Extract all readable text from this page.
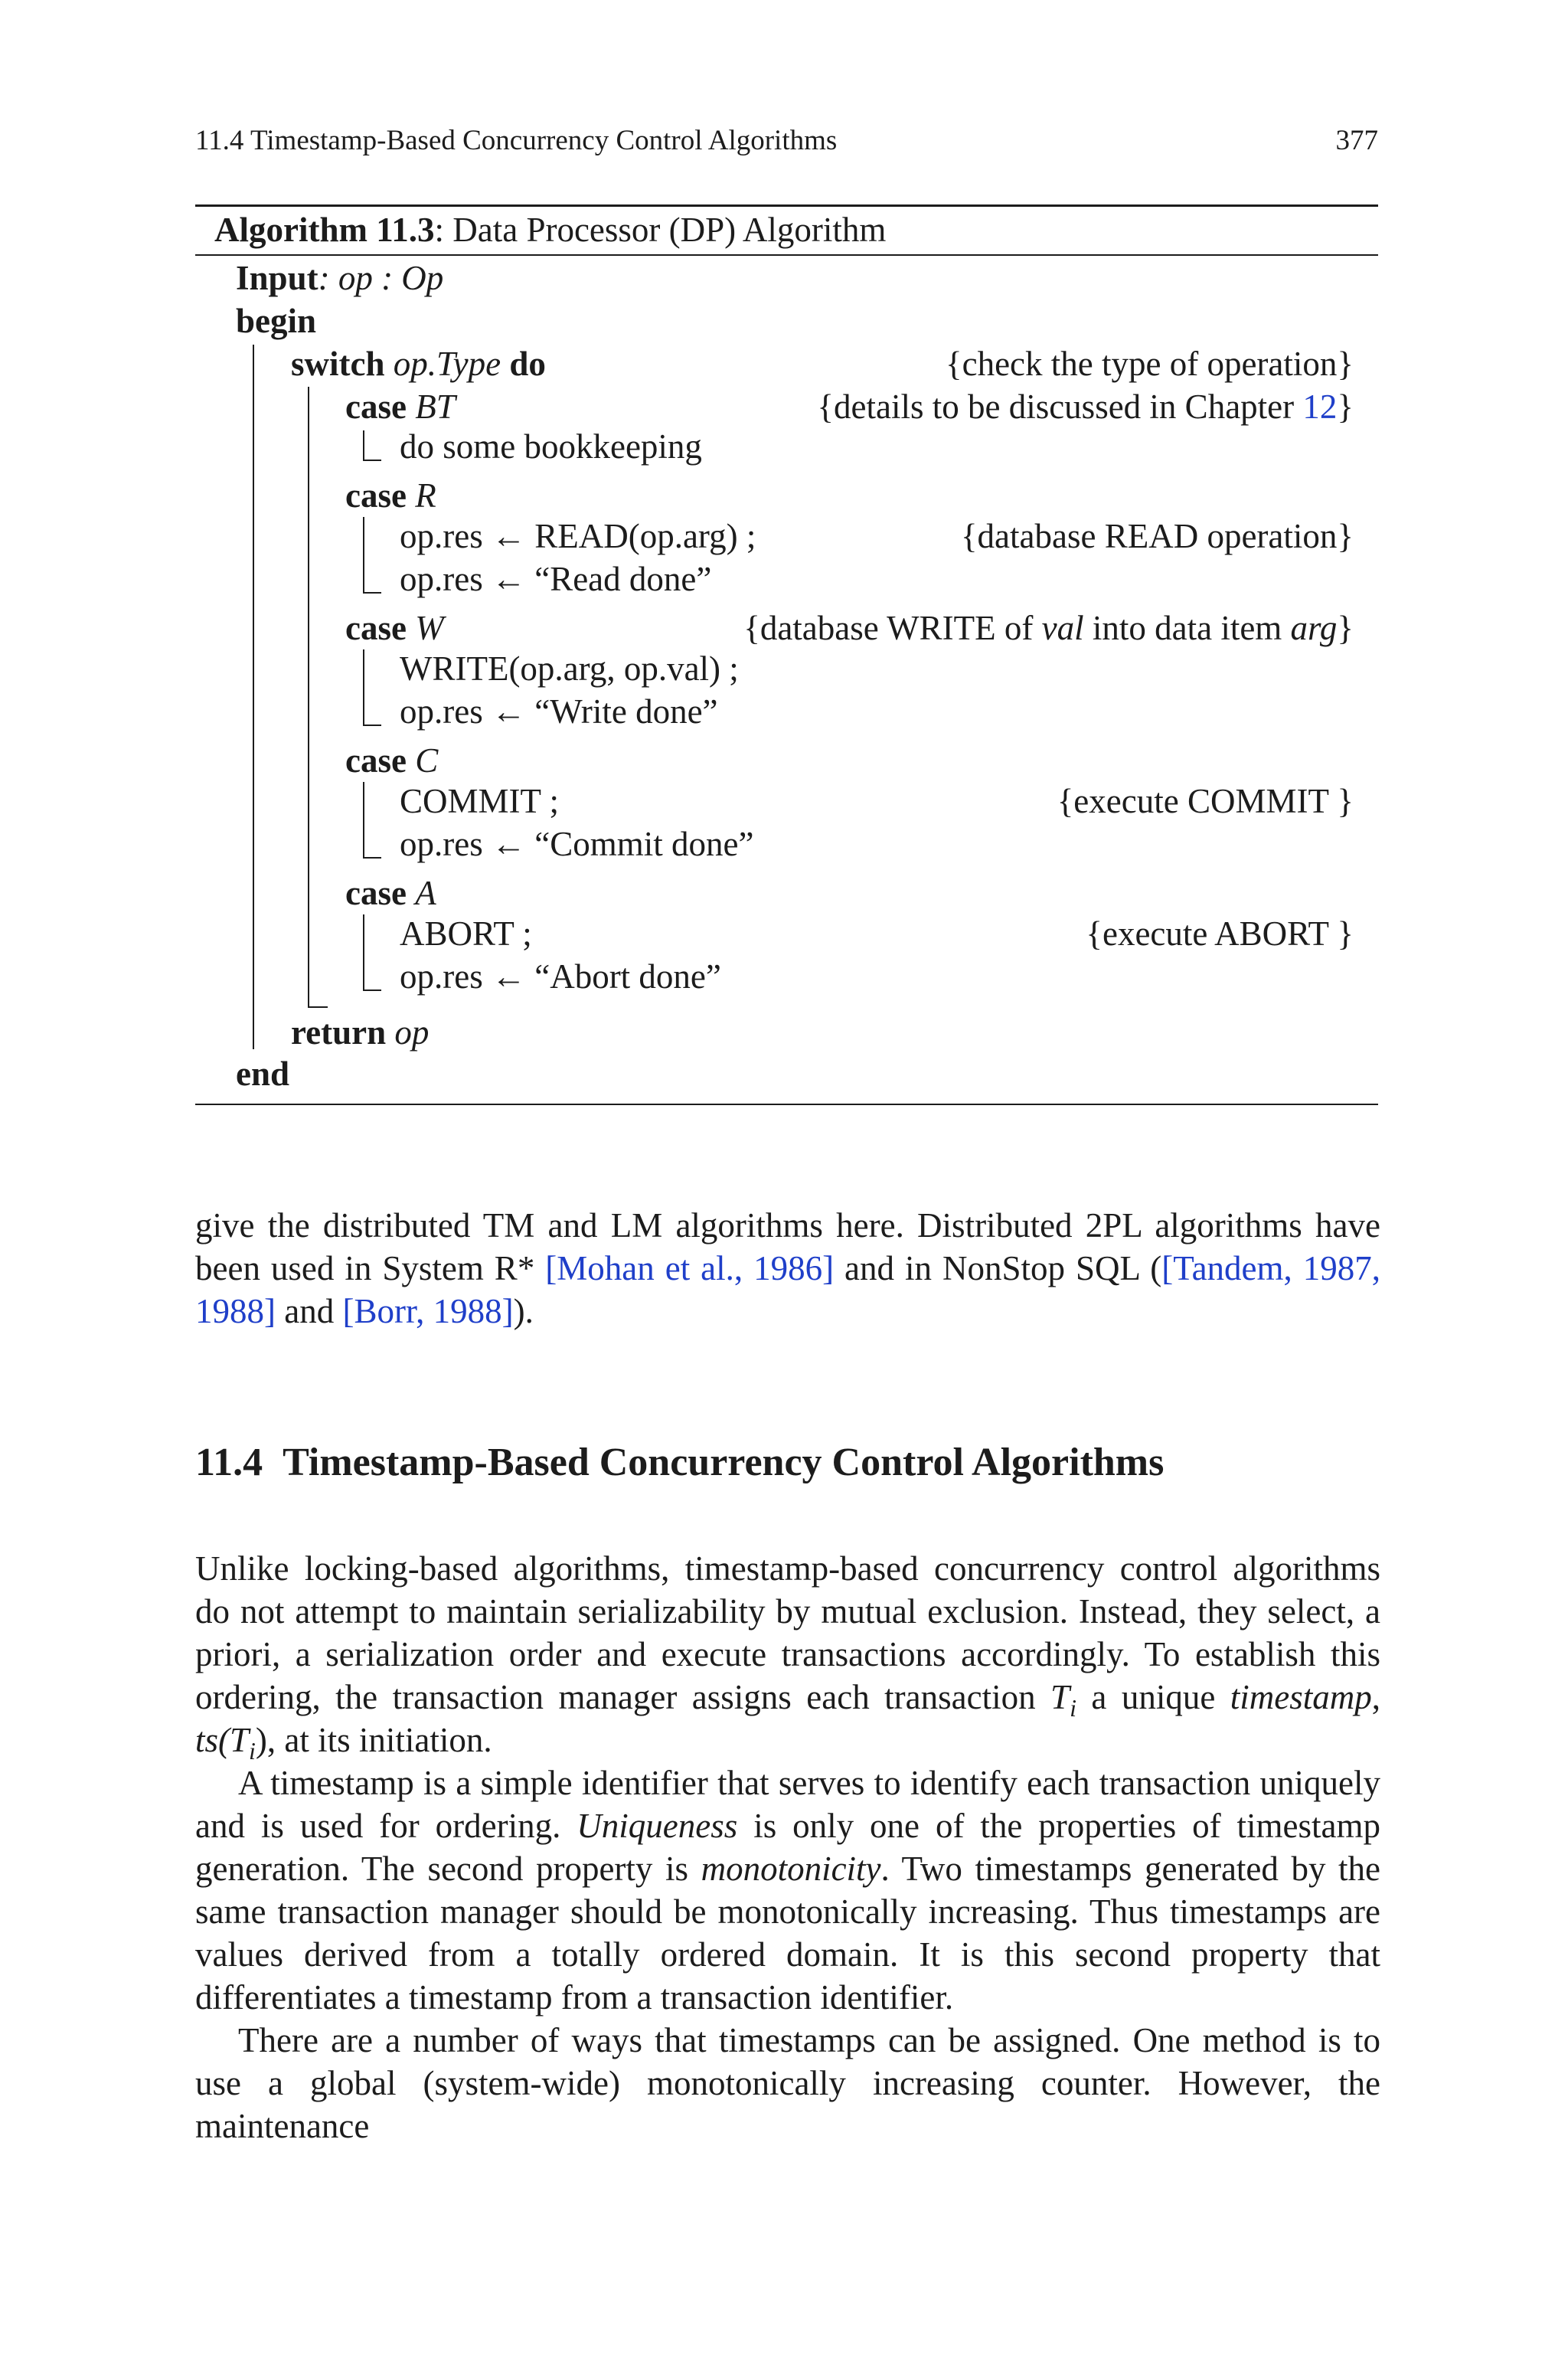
11.4 Timestamp-Based Concurrency Control Algorithms	377
Algorithm 11.3: Data Processor (DP) Algorithm
Input: op : Op
begin
switch op.Type do	{check the type of operation}
case BT	{details to be discussed in Chapter 12}
do some bookkeeping
case R
op.res ← READ(op.arg) ;	{database READ operation}
op.res ← “Read done”
case W	{database WRITE of val into data item arg}
WRITE(op.arg, op.val) ;
op.res ← “Write done”
case C
COMMIT ;	{execute COMMIT }
op.res ← “Commit done”
case A
ABORT ;	{execute ABORT }
op.res ← “Abort done”
return op
end

give the distributed TM and LM algorithms here. Distributed 2PL algorithms have been used in System R* [Mohan et al., 1986] and in NonStop SQL ([Tandem, 1987, 1988] and [Borr, 1988]).

11.4 Timestamp-Based Concurrency Control Algorithms

Unlike locking-based algorithms, timestamp-based concurrency control algorithms do not attempt to maintain serializability by mutual exclusion. Instead, they select, a priori, a serialization order and execute transactions accordingly. To establish this ordering, the transaction manager assigns each transaction $T_i$ a unique timestamp, $ts(T_i)$, at its initiation.

A timestamp is a simple identifier that serves to identify each transaction uniquely and is used for ordering. Uniqueness is only one of the properties of timestamp generation. The second property is monotonicity. Two timestamps generated by the same transaction manager should be monotonically increasing. Thus timestamps are values derived from a totally ordered domain. It is this second property that differentiates a timestamp from a transaction identifier.

There are a number of ways that timestamps can be assigned. One method is to use a global (system-wide) monotonically increasing counter. However, the maintenance
